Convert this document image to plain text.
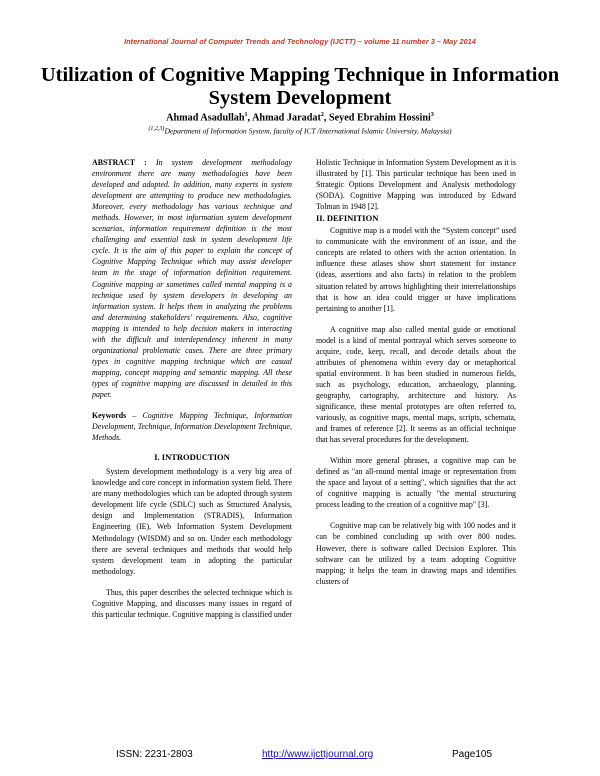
International Journal of Computer Trends and Technology (IJCTT) – volume 11 number 3 – May 2014
Utilization of Cognitive Mapping Technique in Information System Development
Ahmad Asadullah$^1$, Ahmad Jaradat$^2$, Seyed Ebrahim Hossini$^3$
$^{(1,2,3)}$Department of Information System, faculty of ICT /International Islamic University, Malaysia)

ABSTRACT : In system development methodology environment there are many methodologies have been developed and adopted. In addition, many experts in system development are attempting to produce new methodologies. Moreover, every methodology has various technique and methods. However, in most information system development scenarios, information requirement definition is the most challenging and essential task in system development life cycle. It is the aim of this paper to explain the concept of Cognitive Mapping Technique which may assist developer team in the stage of information definition requirement. Cognitive mapping or sometimes called mental mapping is a technique used by system developers in developing an information system. It helps them in analyzing the problems and determining stakeholders' requirements. Also, cognitive mapping is intended to help decision makers in interacting with the difficult and interdependency inherent in many organizational problematic cases. There are three primary types in cognitive mapping technique which are casual mapping, concept mapping and semantic mapping. All these types of cognitive mapping are discussed in detailed in this paper.

Keywords – Cognitive Mapping Technique, Information Development, Technique, Information Development Technique, Methods.

I. INTRODUCTION

System development methodology is a very big area of knowledge and core concept in information system field. There are many methodologies which can be adopted through system development life cycle (SDLC) such as Structured Analysis, design and Implementation (STRADIS), Information Engineering (IE), Web Information System Development Methodology (WISDM) and so on. Under each methodology there are several techniques and methods that would help system development team in adopting the particular methodology.

Thus, this paper describes the selected technique which is Cognitive Mapping, and discusses many issues in regard of this particular technique. Cognitive mapping is classified under

Holistic Technique in Information System Development as it is illustrated by [1]. This particular technique has been used in Strategic Options Development and Analysis methodology (SODA). Cognitive Mapping was introduced by Edward Tolman in 1948 [2].

II. DEFINITION

Cognitive map is a model with the “System concept” used to communicate with the environment of an issue, and the concepts are related to others with the action orientation. In influence these atlases show short statement for instance (ideas, assertions and also facts) in relation to the problem situation related by arrows highlighting their interrelationships that is how an idea could trigger or have implications pertaining to another [1].

A cognitive map also called mental guide or emotional model is a kind of mental portrayal which serves someone to acquire, code, keep, recall, and decode details about the attributes of phenomena within every day or metaphorical spatial environment. It has been studied in numerous fields, such as psychology, education, archaeology, planning, geography, cartography, architecture and history. As significance, these mental prototypes are often referred to, variously, as cognitive maps, mental maps, scripts, schemata, and frames of reference [2]. It seems as an official technique that has several procedures for the development.

Within more general phrases, a cognitive map can be defined as "an all-round mental image or representation from the space and layout of a setting", which signifies that the act of cognitive mapping is actually "the mental structuring process leading to the creation of a cognitive map" [3].

Cognitive map can be relatively big with 100 nodes and it can be combined concluding up with over 800 nodes. However, there is software called Decision Explorer. This software can be utilized by a team adopting Cognitive mapping; it helps the team in drawing maps and identifies clusters of

ISSN: 2231-2803	http://www.ijcttjournal.org	Page105
